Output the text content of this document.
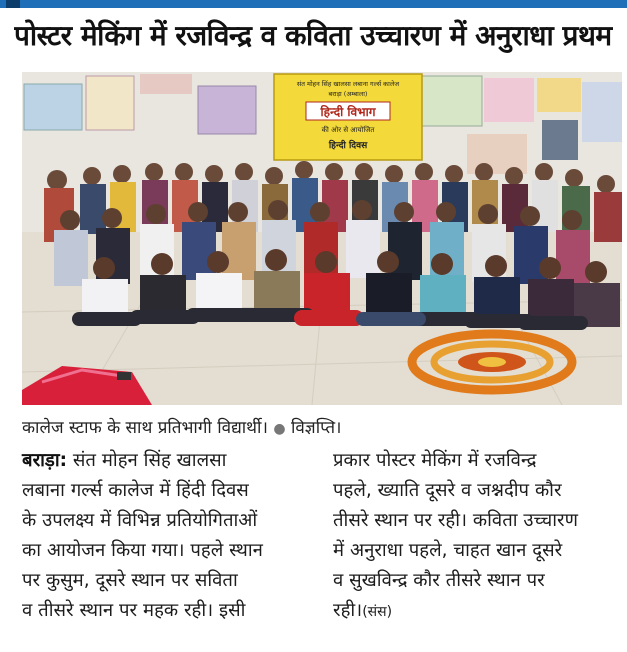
पोस्टर मेकिंग में रजविन्द्र व कविता उच्चारण में अनुराधा प्रथम
संत मोहन सिंह खालसा लबाना गर्ल्स कालेज
बराड़ा (अम्बाला)
हिन्दी विभाग
की ओर से आयोजित
हिन्दी दिवस
कालेज स्टाफ के साथ प्रतिभागी विद्यार्थी। ● विज्ञप्ति।
बराड़ा: संत मोहन सिंह खालसा
लबाना गर्ल्स कालेज में हिंदी दिवस
के उपलक्ष्य में विभिन्न प्रतियोगिताओं
का आयोजन किया गया। पहले स्थान
पर कुसुम, दूसरे स्थान पर सविता
व तीसरे स्थान पर महक रही। इसी
प्रकार पोस्टर मेकिंग में रजविन्द्र
पहले, ख्याति दूसरे व जश्नदीप कौर
तीसरे स्थान पर रही। कविता उच्चारण
में अनुराधा पहले, चाहत खान दूसरे
व सुखविन्द्र कौर तीसरे स्थान पर
रही।(संस)
